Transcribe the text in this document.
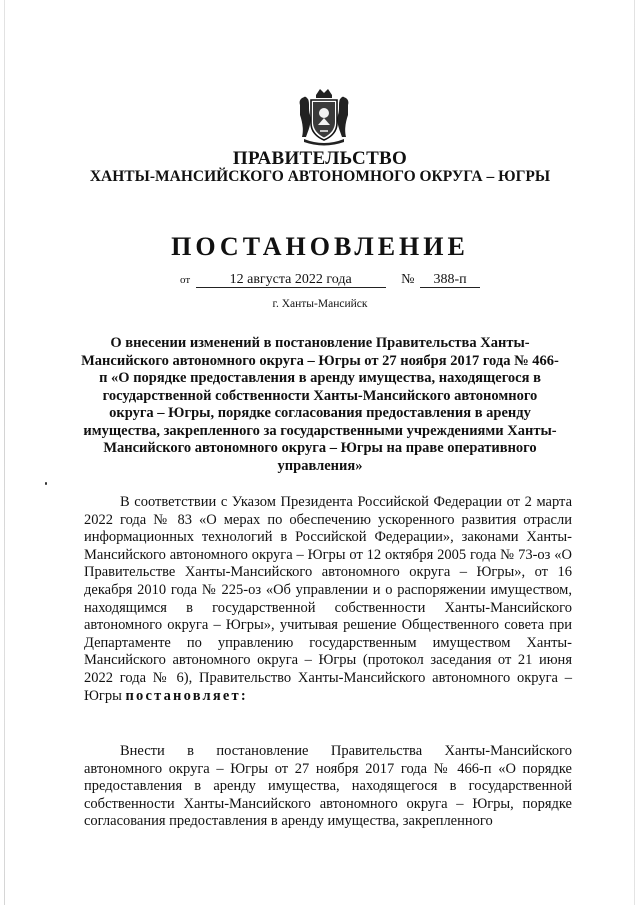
ПРАВИТЕЛЬСТВО
ХАНТЫ-МАНСИЙСКОГО АВТОНОМНОГО ОКРУГА – ЮГРЫ
ПОСТАНОВЛЕНИЕ
от	12 августа 2022 года	№ 388-п
г. Ханты-Мансийск
О внесении изменений в постановление Правительства Ханты-Мансийского автономного округа – Югры от 27 ноября 2017 года № 466-п «О порядке предоставления в аренду имущества, находящегося в государственной собственности Ханты-Мансийского автономного округа – Югры, порядке согласования предоставления в аренду имущества, закрепленного за государственными учреждениями Ханты-Мансийского автономного округа – Югры на праве оперативного управления»

В соответствии с Указом Президента Российской Федерации от 2 марта 2022 года № 83 «О мерах по обеспечению ускоренного развития отрасли информационных технологий в Российской Федерации», законами Ханты-Мансийского автономного округа – Югры от 12 октября 2005 года № 73-оз «О Правительстве Ханты-Мансийского автономного округа – Югры», от 16 декабря 2010 года № 225-оз «Об управлении и о распоряжении имуществом, находящимся в государственной собственности Ханты-Мансийского автономного округа – Югры», учитывая решение Общественного совета при Департаменте по управлению государственным имуществом Ханты-Мансийского автономного округа – Югры (протокол заседания от 21 июня 2022 года № 6), Правительство Ханты-Мансийского автономного округа – Югры постановляет:

Внести в постановление Правительства Ханты-Мансийского автономного округа – Югры от 27 ноября 2017 года № 466-п «О порядке предоставления в аренду имущества, находящегося в государственной собственности Ханты-Мансийского автономного округа – Югры, порядке согласования предоставления в аренду имущества, закрепленного
